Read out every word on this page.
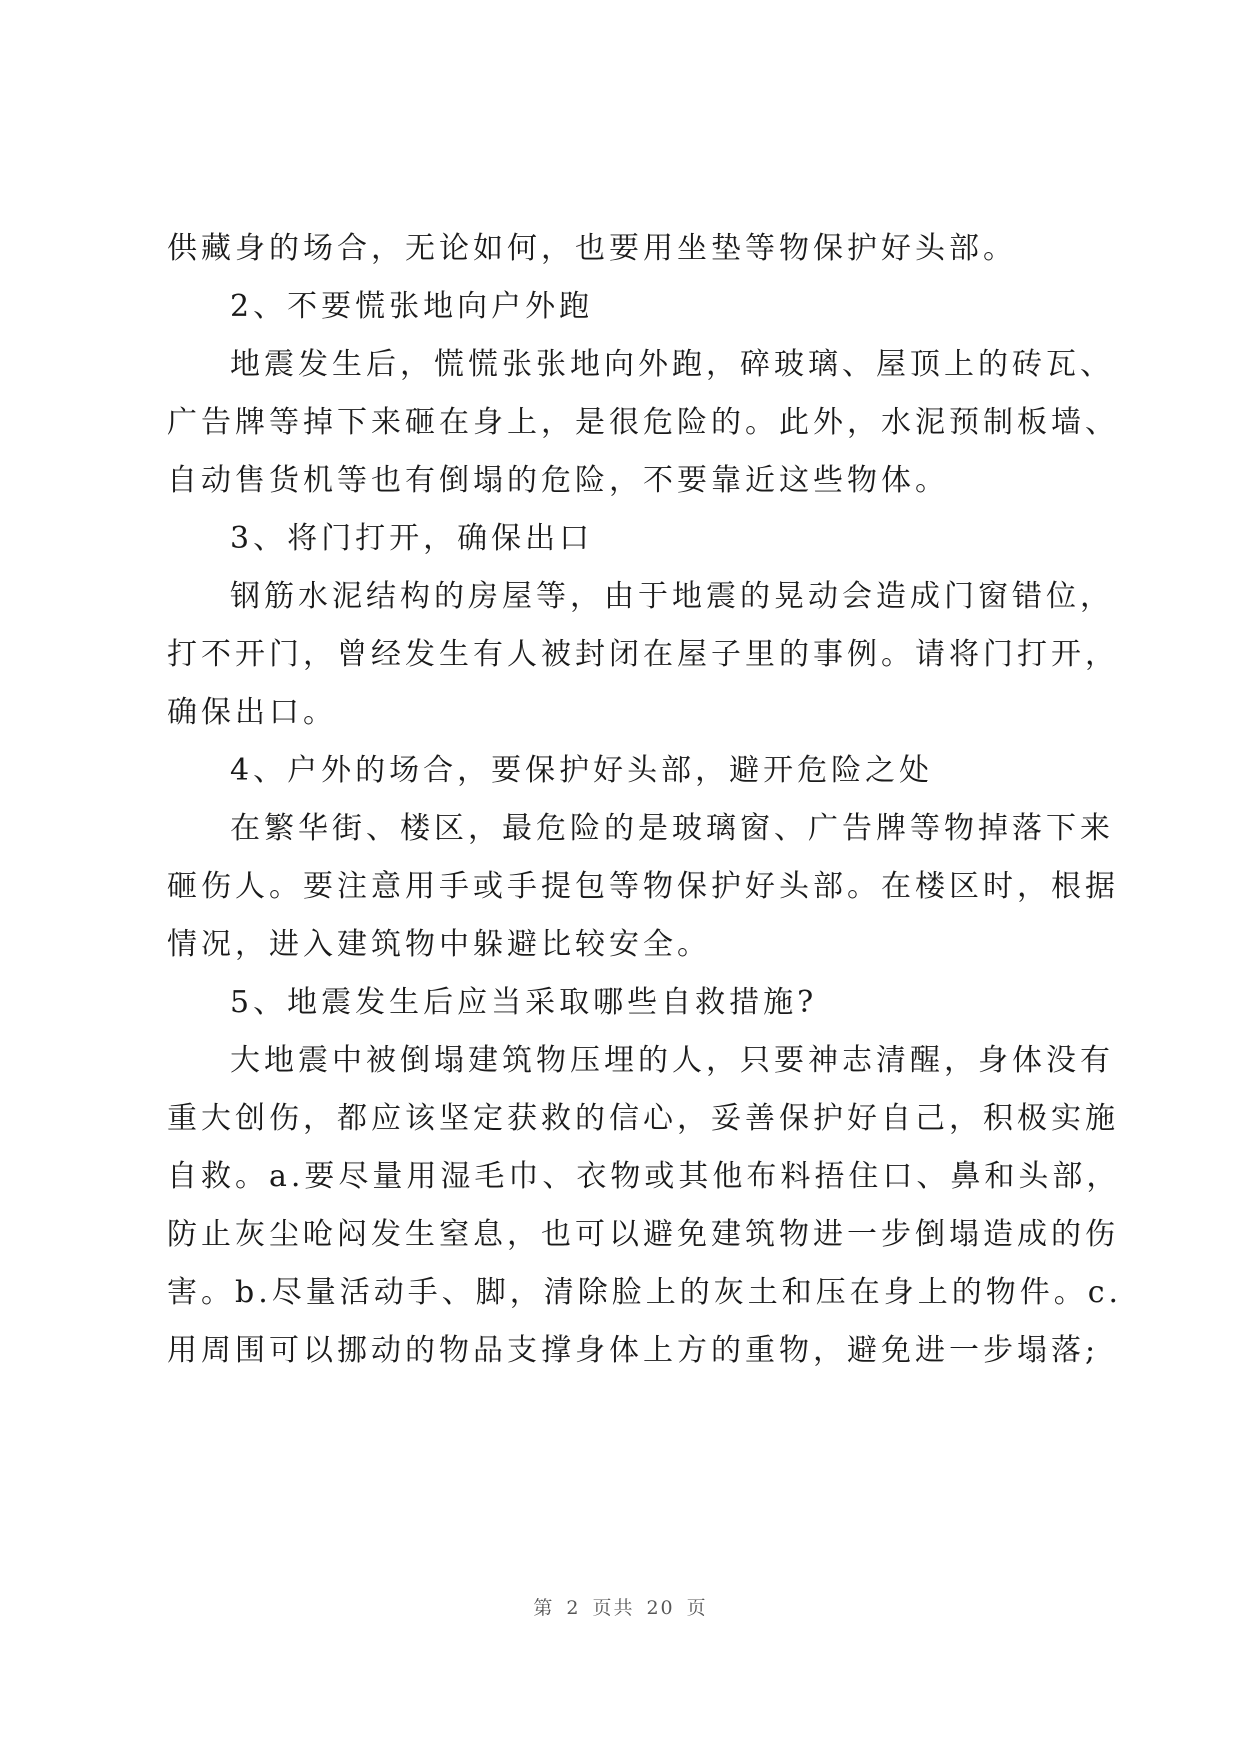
供藏身的场合，无论如何，也要用坐垫等物保护好头部。
2、不要慌张地向户外跑
地震发生后，慌慌张张地向外跑，碎玻璃、屋顶上的砖瓦、
广告牌等掉下来砸在身上，是很危险的。此外，水泥预制板墙、
自动售货机等也有倒塌的危险，不要靠近这些物体。
3、将门打开，确保出口
钢筋水泥结构的房屋等，由于地震的晃动会造成门窗错位，
打不开门，曾经发生有人被封闭在屋子里的事例。请将门打开，
确保出口。
4、户外的场合，要保护好头部，避开危险之处
在繁华街、楼区，最危险的是玻璃窗、广告牌等物掉落下来
砸伤人。要注意用手或手提包等物保护好头部。在楼区时，根据
情况，进入建筑物中躲避比较安全。
5、地震发生后应当采取哪些自救措施?
大地震中被倒塌建筑物压埋的人，只要神志清醒，身体没有
重大创伤，都应该坚定获救的信心，妥善保护好自己，积极实施
自救。a.要尽量用湿毛巾、衣物或其他布料捂住口、鼻和头部，
防止灰尘呛闷发生窒息，也可以避免建筑物进一步倒塌造成的伤
害。b.尽量活动手、脚，清除脸上的灰土和压在身上的物件。c.
用周围可以挪动的物品支撑身体上方的重物，避免进一步塌落;
第 2 页共 20 页
